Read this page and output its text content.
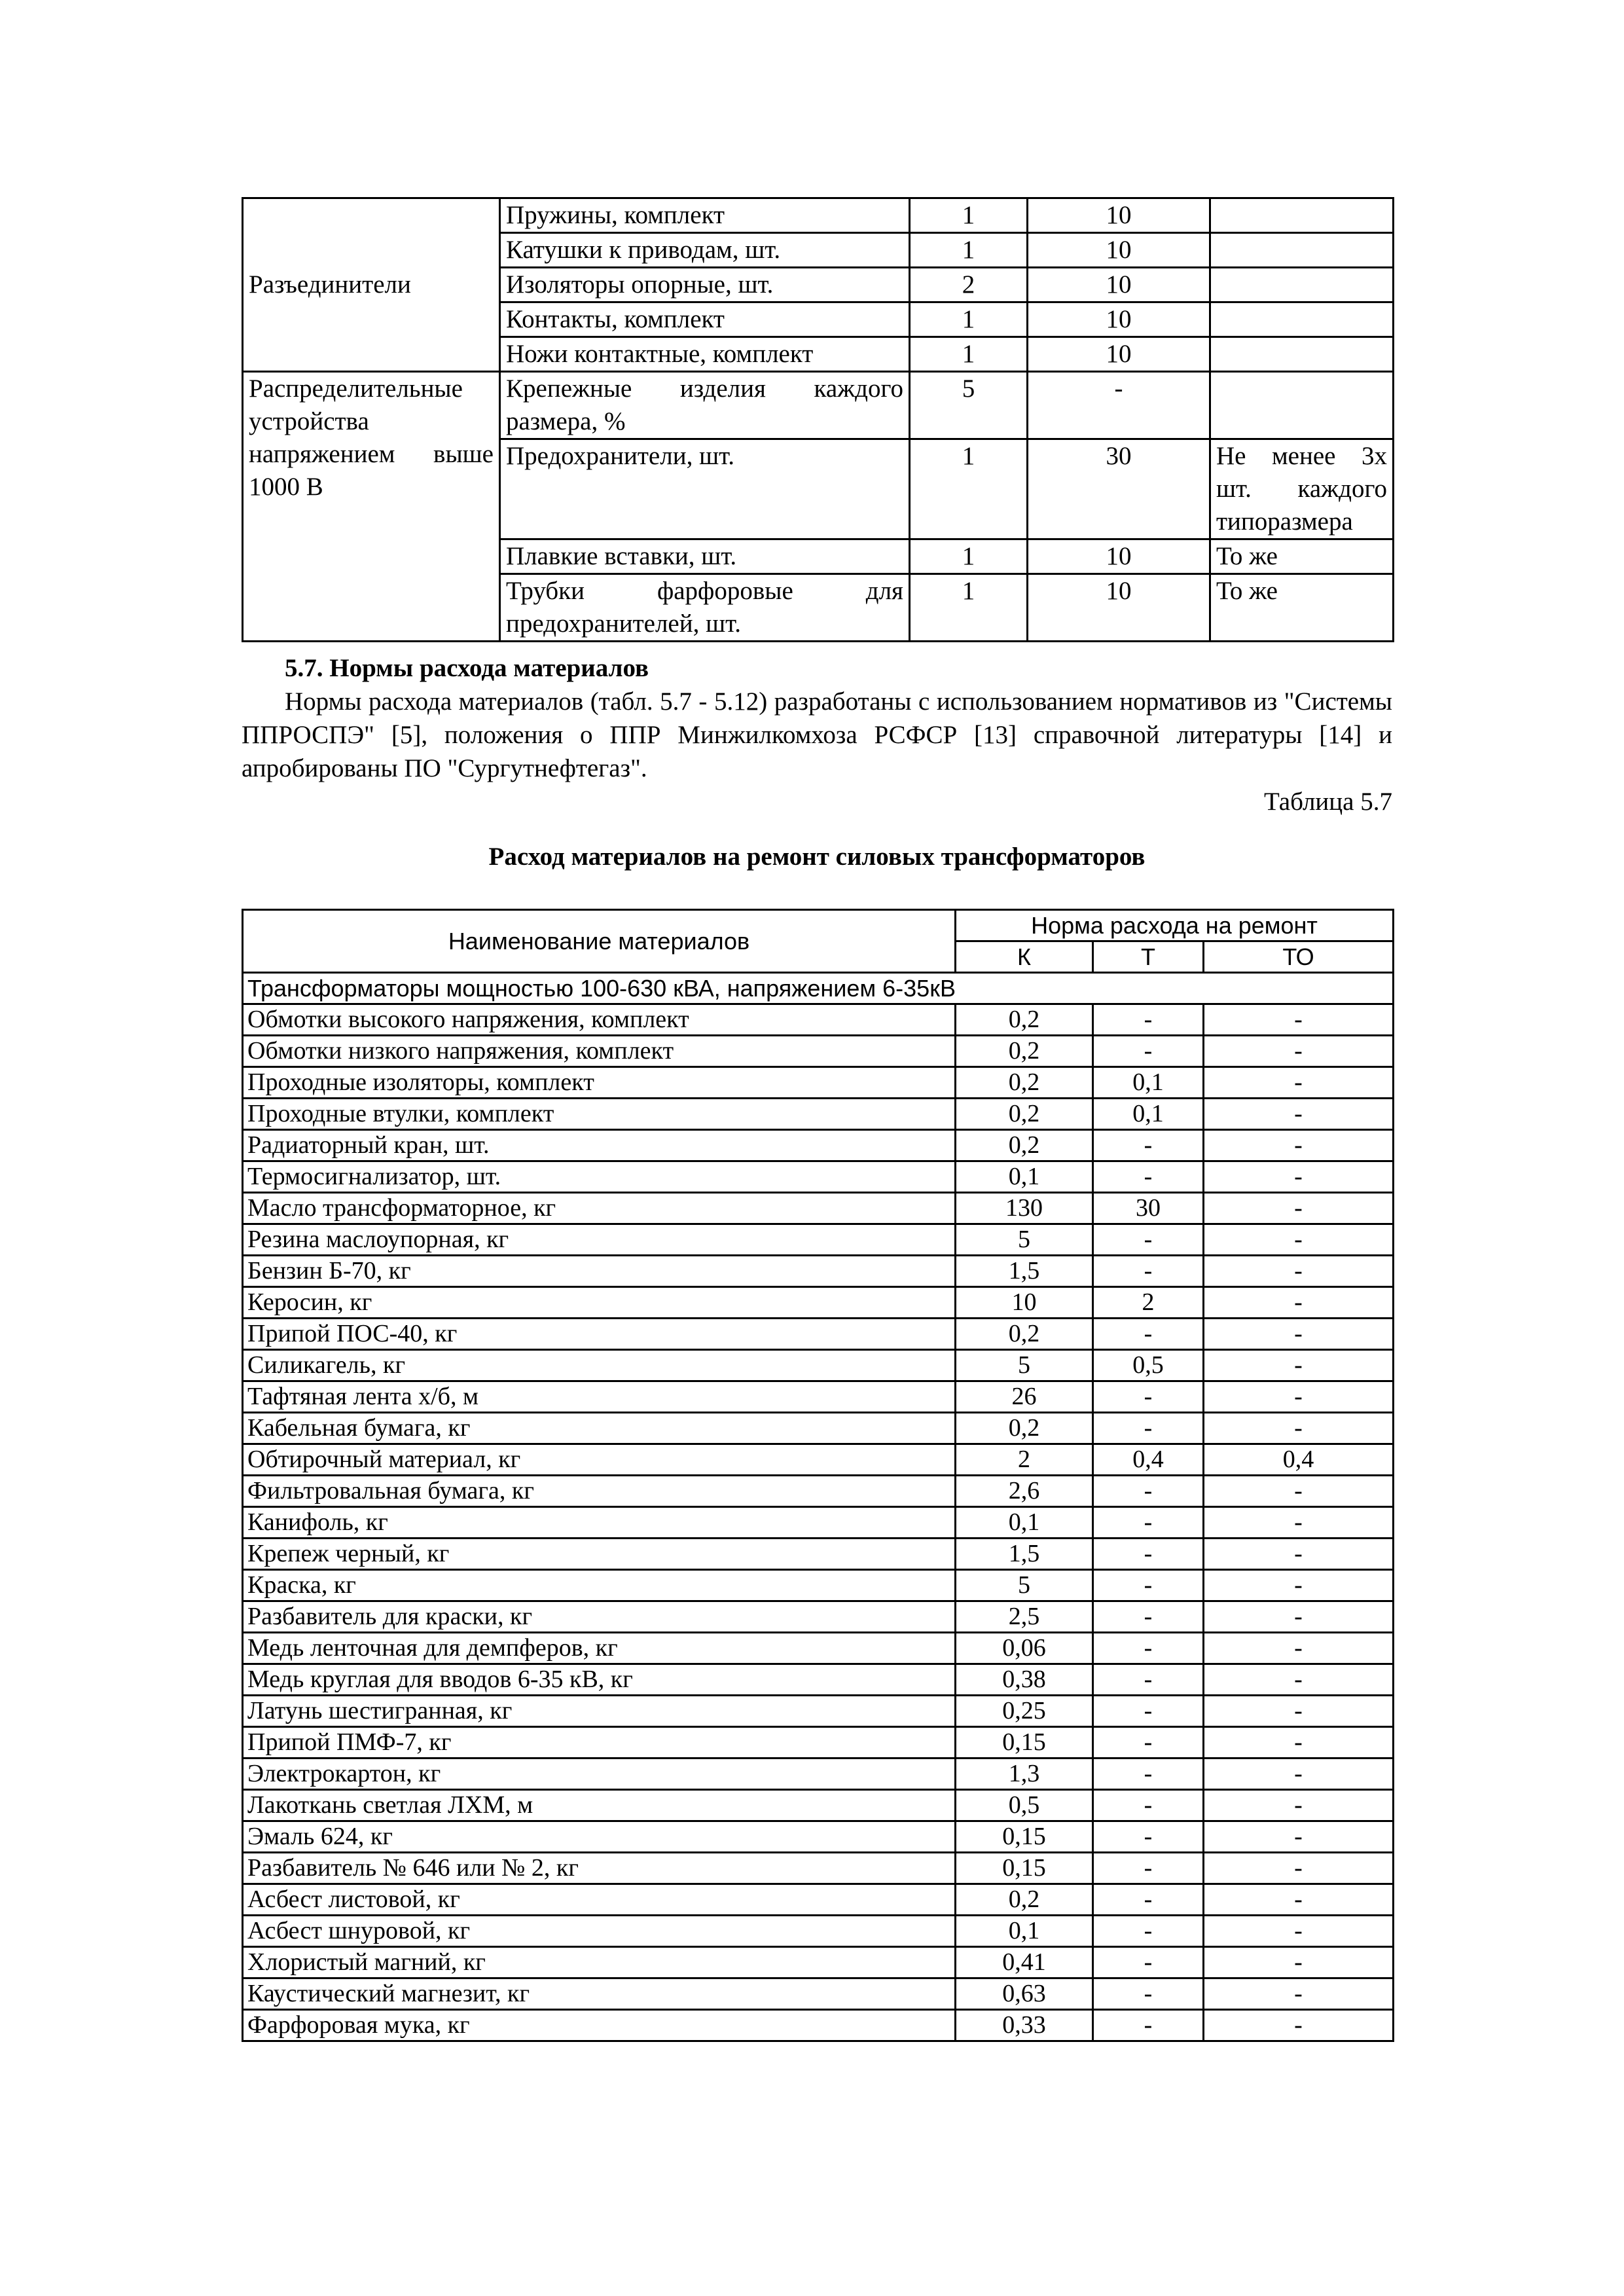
Разъединители	Пружины, комплект	1	10	
	Катушки к приводам, шт.	1	10	
	Изоляторы опорные, шт.	2	10	
	Контакты, комплект	1	10	
	Ножи контактные, комплект	1	10	
Распределительные устройства напряжением выше 1000 В	Крепежные изделия каждого размера, %	5	-	
	Предохранители, шт.	1	30	Не менее 3х шт. каждого типоразмера
	Плавкие вставки, шт.	1	10	То же
	Трубки фарфоровые для предохранителей, шт.	1	10	То же
5.7. Нормы расхода материалов
Нормы расхода материалов (табл. 5.7 - 5.12) разработаны с использованием нормативов из "Системы ППРОСПЭ" [5], положения о ППР Минжилкомхоза РСФСР [13] справочной литературы [14] и апробированы ПО "Сургутнефтегаз".
Таблица 5.7
Расход материалов на ремонт силовых трансформаторов
Наименование материалов	Норма расхода на ремонт		
	К	Т	ТО
Трансформаторы мощностью 100-630 кВА, напряжением 6-35кВ			
Обмотки высокого напряжения, комплект	0,2	-	-
Обмотки низкого напряжения, комплект	0,2	-	-
Проходные изоляторы, комплект	0,2	0,1	-
Проходные втулки, комплект	0,2	0,1	-
Радиаторный кран, шт.	0,2	-	-
Термосигнализатор, шт.	0,1	-	-
Масло трансформаторное, кг	130	30	-
Резина маслоупорная, кг	5	-	-
Бензин Б-70, кг	1,5	-	-
Керосин, кг	10	2	-
Припой ПОС-40, кг	0,2	-	-
Силикагель, кг	5	0,5	-
Тафтяная лента х/б, м	26	-	-
Кабельная бумага, кг	0,2	-	-
Обтирочный материал, кг	2	0,4	0,4
Фильтровальная бумага, кг	2,6	-	-
Канифоль, кг	0,1	-	-
Крепеж черный, кг	1,5	-	-
Краска, кг	5	-	-
Разбавитель для краски, кг	2,5	-	-
Медь ленточная для демпферов, кг	0,06	-	-
Медь круглая для вводов 6-35 кВ, кг	0,38	-	-
Латунь шестигранная, кг	0,25	-	-
Припой ПМФ-7, кг	0,15	-	-
Электрокартон, кг	1,3	-	-
Лакоткань светлая ЛХМ, м	0,5	-	-
Эмаль 624, кг	0,15	-	-
Разбавитель № 646 или № 2, кг	0,15	-	-
Асбест листовой, кг	0,2	-	-
Асбест шнуровой, кг	0,1	-	-
Хлористый магний, кг	0,41	-	-
Каустический магнезит, кг	0,63	-	-
Фарфоровая мука, кг	0,33	-	-
